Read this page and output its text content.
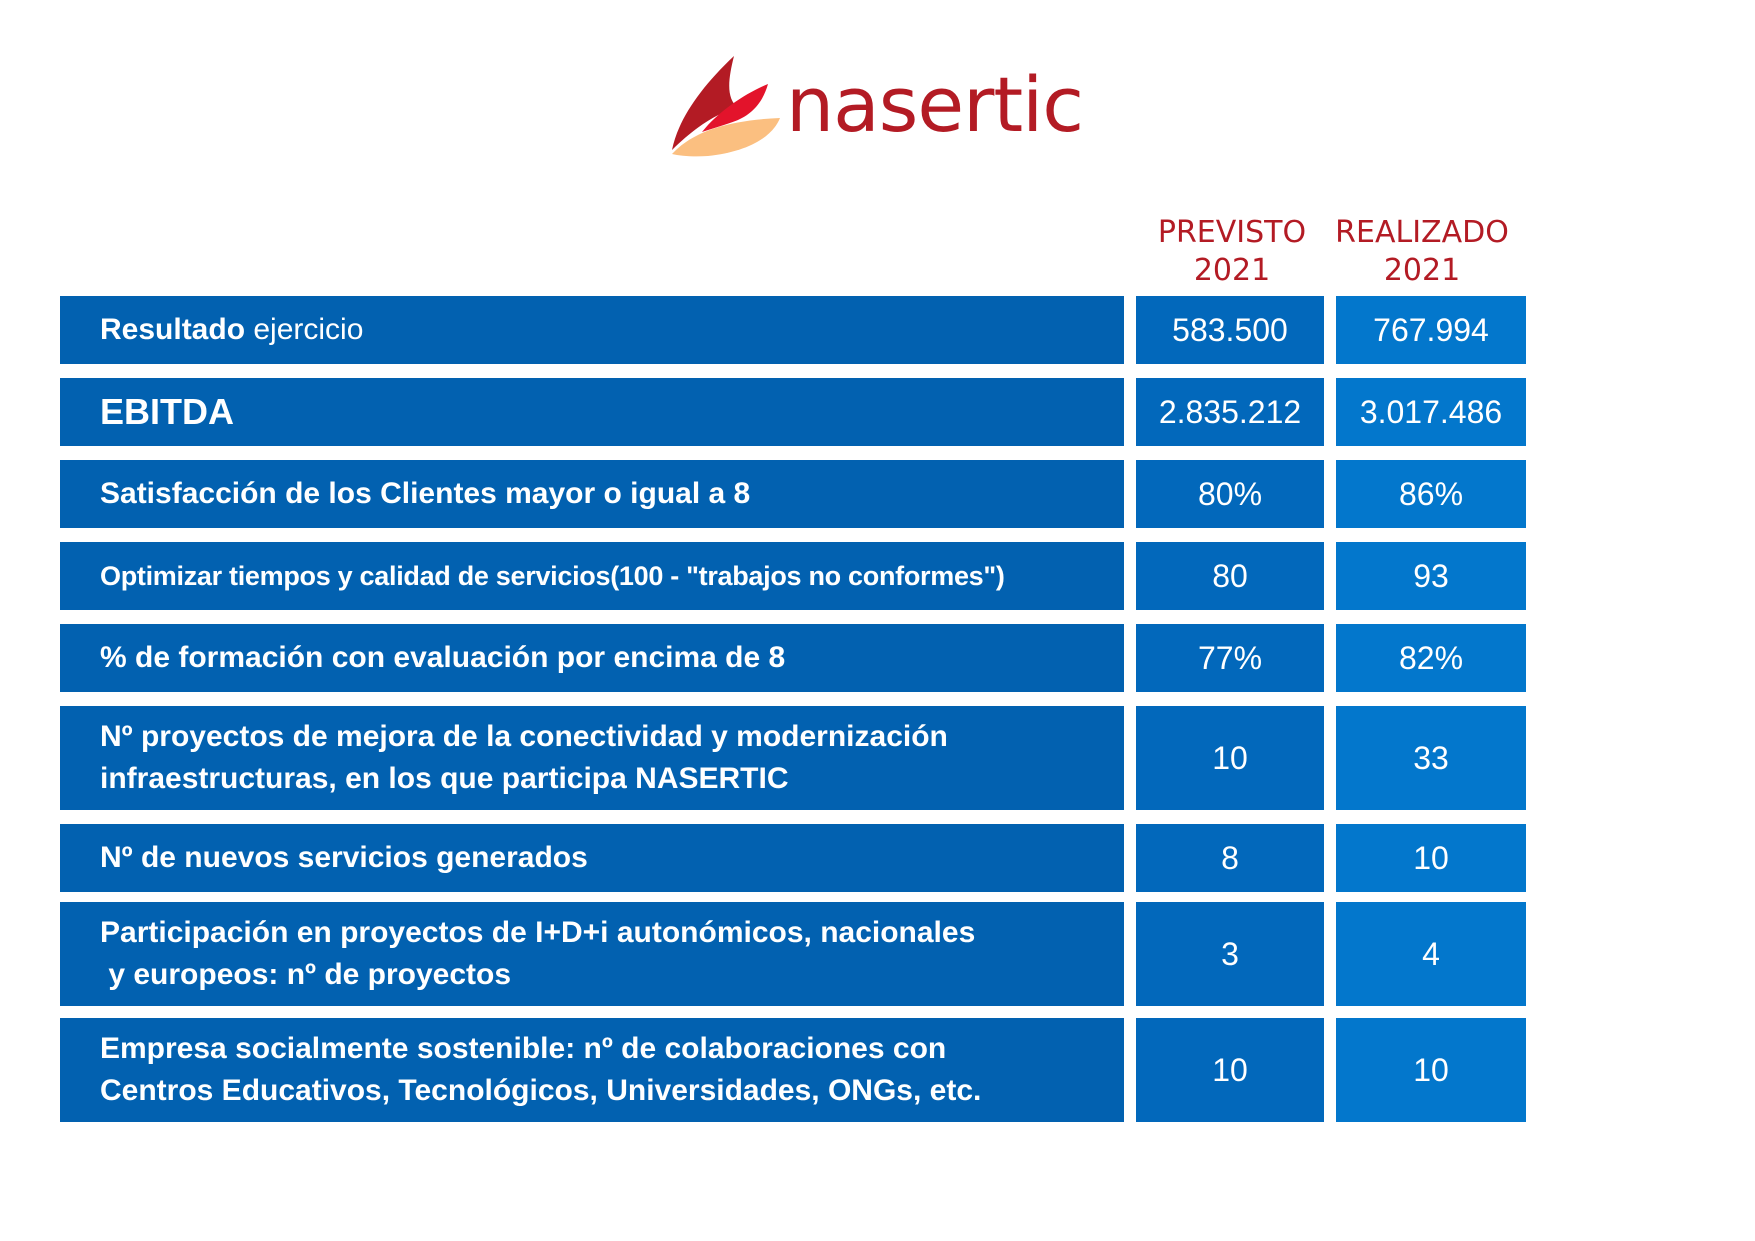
nasertic
PREVISTO
2021
REALIZADO
2021
Resultado ejercicio	583.500	767.994
EBITDA	2.835.212	3.017.486
Satisfacción de los Clientes mayor o igual a 8	80%	86%
Optimizar tiempos y calidad de servicios(100 - "trabajos no conformes")	80	93
% de formación con evaluación por encima de 8	77%	82%
Nº proyectos de mejora de la conectividad y modernización
infraestructuras, en los que participa NASERTIC
10	33
Nº de nuevos servicios generados	8	10
Participación en proyectos de I+D+i autonómicos, nacionales
y europeos: nº de proyectos
3	4
Empresa socialmente sostenible: nº de colaboraciones con
Centros Educativos, Tecnológicos, Universidades, ONGs, etc.
10	10
